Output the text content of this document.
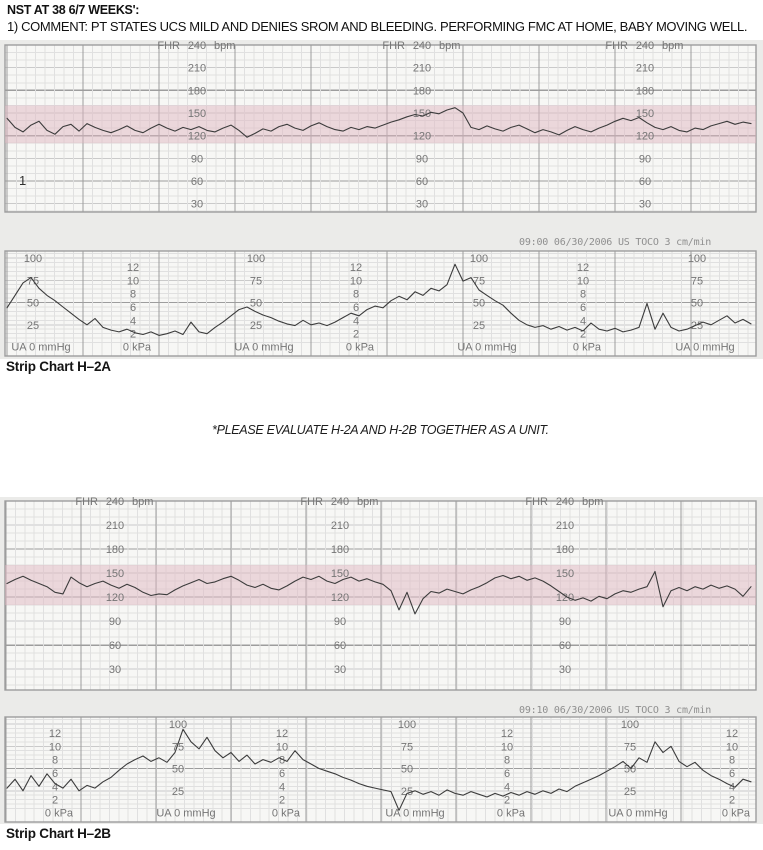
NST AT 38 6/7 WEEKS':
1) COMMENT: PT STATES UCS MILD AND DENIES SROM AND BLEEDING. PERFORMING FMC AT HOME, BABY MOVING WELL.
FHR 240 bpm
210
180
150
120
90
60
30
FHR 240 bpm
210
180
150
120
90
60
30
FHR 240 bpm
210
180
150
120
90
60
30
1
09:00 06/30/2006 US TOCO 3 cm/min
100
75
50
25
UA 0 mmHg
12
10
8
6
4
2
0 kPa
100
75
50
25
UA 0 mmHg
12
10
8
6
4
2
0 kPa
100
75
50
25
UA 0 mmHg
12
10
8
6
4
2
0 kPa
100
75
50
25
UA 0 mmHg
Strip Chart H–2A
*PLEASE EVALUATE H-2A AND H-2B TOGETHER AS A UNIT.
FHR 240 bpm
210
180
150
120
90
60
30
FHR 240 bpm
210
180
150
120
90
60
30
FHR 240 bpm
210
180
150
120
90
60
30
09:10 06/30/2006 US TOCO 3 cm/min
12
10
8
6
4
2
0 kPa
100
75
50
25
UA 0 mmHg
12
10
8
6
4
2
0 kPa
100
75
50
25
UA 0 mmHg
12
10
8
6
4
2
0 kPa
100
75
50
25
UA 0 mmHg
12
10
8
6
4
2
0 kPa
Strip Chart H–2B
